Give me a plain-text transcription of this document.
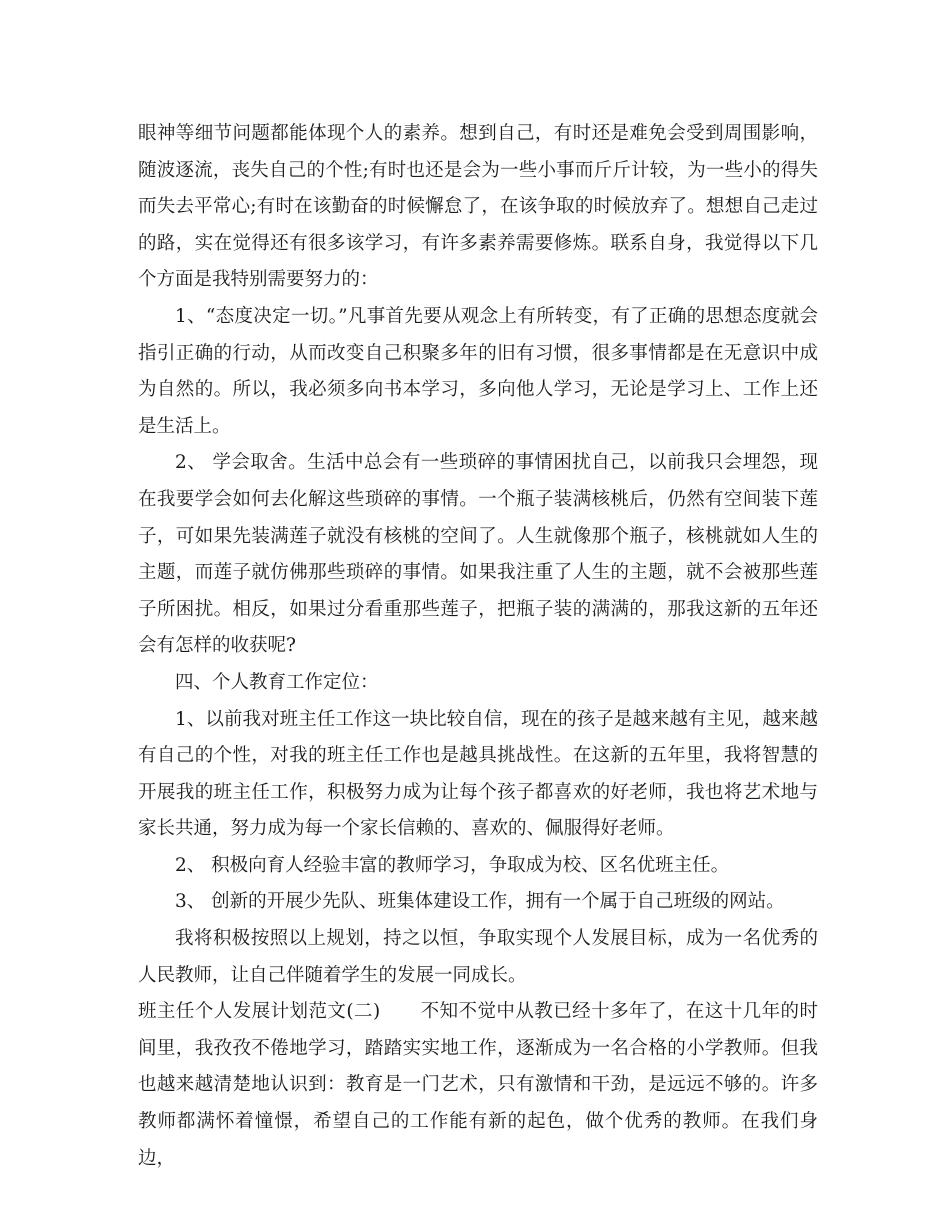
眼神等细节问题都能体现个人的素养。想到自己，有时还是难免会受到周围影响，随波逐流，丧失自己的个性;有时也还是会为一些小事而斤斤计较，为一些小的得失而失去平常心;有时在该勤奋的时候懈怠了，在该争取的时候放弃了。想想自己走过的路，实在觉得还有很多该学习，有许多素养需要修炼。联系自身，我觉得以下几个方面是我特别需要努力的：

1、“态度决定一切。”凡事首先要从观念上有所转变，有了正确的思想态度就会指引正确的行动，从而改变自己积聚多年的旧有习惯，很多事情都是在无意识中成为自然的。所以，我必须多向书本学习，多向他人学习，无论是学习上、工作上还是生活上。

2、 学会取舍。生活中总会有一些琐碎的事情困扰自己，以前我只会埋怨，现在我要学会如何去化解这些琐碎的事情。一个瓶子装满核桃后，仍然有空间装下莲子，可如果先装满莲子就没有核桃的空间了。人生就像那个瓶子，核桃就如人生的主题，而莲子就仿佛那些琐碎的事情。如果我注重了人生的主题，就不会被那些莲子所困扰。相反，如果过分看重那些莲子，把瓶子装的满满的，那我这新的五年还会有怎样的收获呢?

四、个人教育工作定位：

1、以前我对班主任工作这一块比较自信，现在的孩子是越来越有主见，越来越有自己的个性，对我的班主任工作也是越具挑战性。在这新的五年里，我将智慧的开展我的班主任工作，积极努力成为让每个孩子都喜欢的好老师，我也将艺术地与家长共通，努力成为每一个家长信赖的、喜欢的、佩服得好老师。

2、 积极向育人经验丰富的教师学习，争取成为校、区名优班主任。

3、 创新的开展少先队、班集体建设工作，拥有一个属于自己班级的网站。

我将积极按照以上规划，持之以恒，争取实现个人发展目标，成为一名优秀的人民教师，让自己伴随着学生的发展一同成长。

班主任个人发展计划范文(二) 不知不觉中从教已经十多年了，在这十几年的时间里，我孜孜不倦地学习，踏踏实实地工作，逐渐成为一名合格的小学教师。但我也越来越清楚地认识到：教育是一门艺术，只有激情和干劲，是远远不够的。许多教师都满怀着憧憬，希望自己的工作能有新的起色，做个优秀的教师。在我们身边，
